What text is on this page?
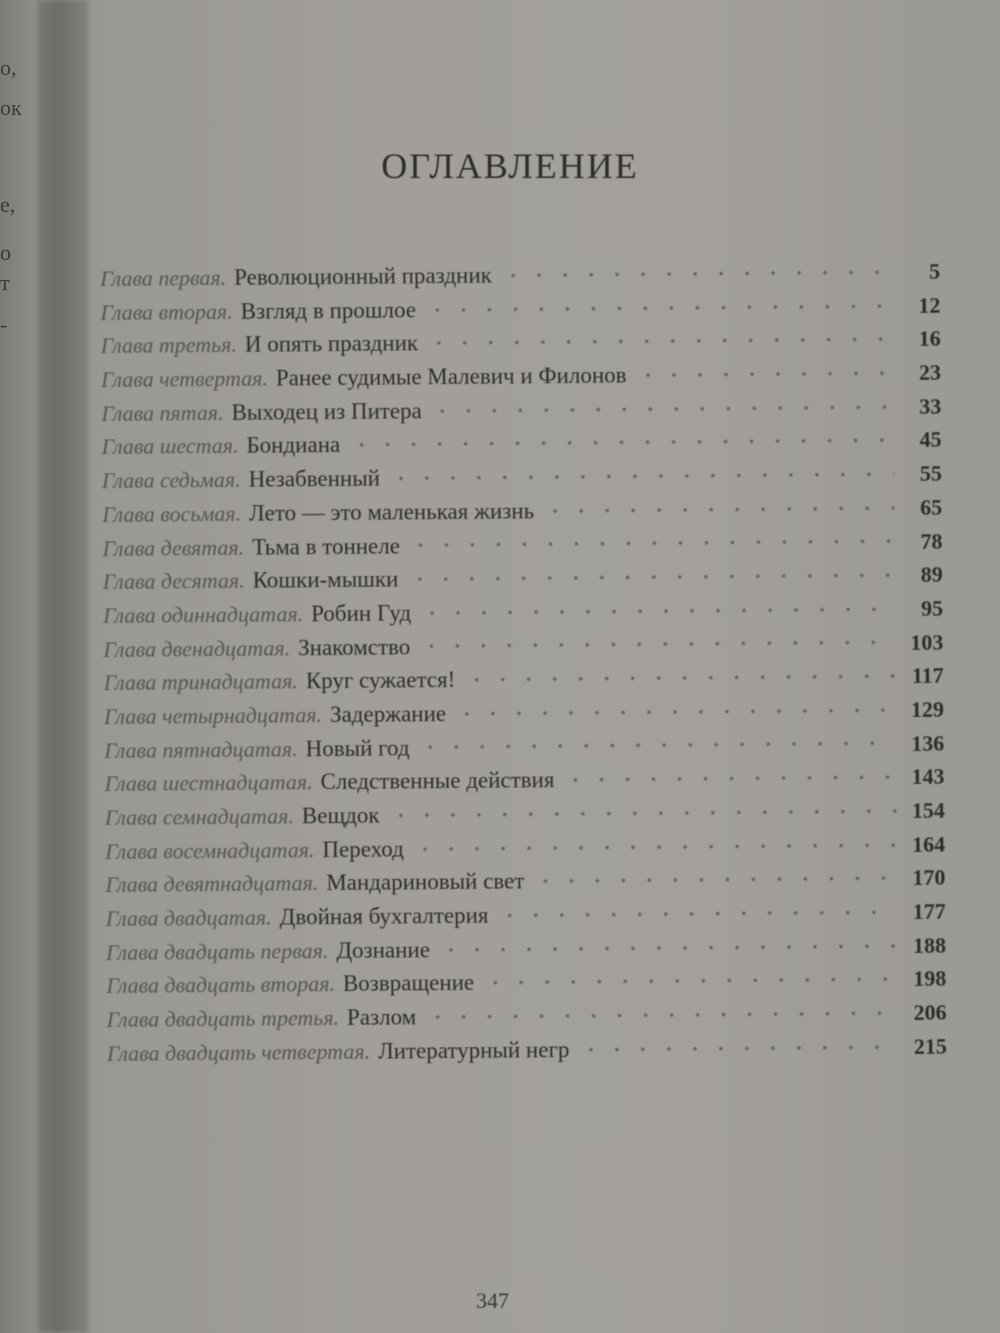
о,
ок
е,
о
т
-
ОГЛАВЛЕНИЕ
Глава первая. Революционный праздник	5
Глава вторая. Взгляд в прошлое	12
Глава третья. И опять праздник	16
Глава четвертая. Ранее судимые Малевич и Филонов	23
Глава пятая. Выходец из Питера	33
Глава шестая. Бондиана	45
Глава седьмая. Незабвенный	55
Глава восьмая. Лето — это маленькая жизнь	65
Глава девятая. Тьма в тоннеле	78
Глава десятая. Кошки-мышки	89
Глава одиннадцатая. Робин Гуд	95
Глава двенадцатая. Знакомство	103
Глава тринадцатая. Круг сужается!	117
Глава четырнадцатая. Задержание	129
Глава пятнадцатая. Новый год	136
Глава шестнадцатая. Следственные действия	143
Глава семнадцатая. Вещдок	154
Глава восемнадцатая. Переход	164
Глава девятнадцатая. Мандариновый свет	170
Глава двадцатая. Двойная бухгалтерия	177
Глава двадцать первая. Дознание	188
Глава двадцать вторая. Возвращение	198
Глава двадцать третья. Разлом	206
Глава двадцать четвертая. Литературный негр	215
347
